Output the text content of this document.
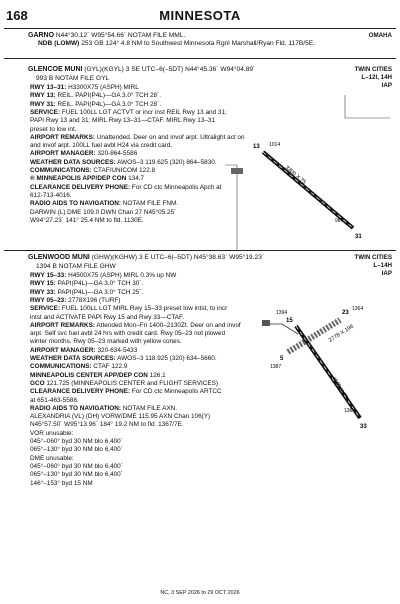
168	MINNESOTA
GARNO N44°30.12´ W95°54.66´ NOTAM FILE MML.	OMAHA
NDB (LOMW) 253 GB 124° 4.8 NM to Southwest Minnesota Rgnl Marshall/Ryan Fld. 117B/5E.
GLENCOE MUNI (GYL)(KGYL) 3 SE UTC–6(–5DT) N44°45.36´ W94°04.89´	TWIN CITIES
L–12I, 14H
IAP
993 B NOTAM FILE GYL
RWY 13–31: H3300X75 (ASPH) MIRL
RWY 13: REIL. PAPI(P4L)—GA 3.0° TCH 28´.
RWY 31: REIL. PAPI(P4L)—GA 3.0° TCH 28´.
SERVICE: FUEL 100LL LGT ACTVT or incr inst REIL Rwy 13 and 31;
PAPI Rwy 13 and 31; MIRL Rwy 13–31—CTAF. MIRL Rwy 13–31
preset to low int.
AIRPORT REMARKS: Unattended. Deer on and invof arpt. Ultralight act on
and invof arpt. 100LL fuel avbl H24 via credit card.
AIRPORT MANAGER: 320-864-5586
WEATHER DATA SOURCES: AWOS–3 119.625 (320) 864–5830.
COMMUNICATIONS: CTAF/UNICOM 122.8
® MINNEAPOLIS APP/DEP CON 134.7
CLEARANCE DELIVERY PHONE: For CD ctc Minneapolis Apch at
612-713-4016.
RADIO AIDS TO NAVIGATION: NOTAM FILE FNM.
DARWIN (L) DME 109.0 DWN Chan 27 N45°05.25´
W94°27.23´ 141° 25.4 NM to fld. 1130E.
3300 X 75
13
31
1014
987
GLENWOOD MUNI (GHW)(KGHW) 3 E UTC–6(–5DT) N45°38.63´ W95°19.23´	TWIN CITIES
L–14H
IAP
1394 B NOTAM FILE GHW
RWY 15–33: H4500X75 (ASPH) MIRL 0.3% up NW
RWY 15: PAPI(P4L)—GA 3.0° TCH 30´.
RWY 33: PAPI(P4L)—GA 3.0° TCH 25´.
RWY 05–23: 2778X196 (TURF)
SERVICE: FUEL 100LL LGT MIRL Rwy 15–33 preset low intst, to incr
intst and ACTIVATE PAPI Rwy 15 and Rwy 33—CTAF.
AIRPORT REMARKS: Attended Mon–Fri 1400–2130Zt. Deer on and invof
arpt. Self svc fuel avbl 24 hrs with credit card. Rwy 05–23 not plowed
winter months. Rwy 05–23 marked with yellow cones.
AIRPORT MANAGER: 320-634-5433
WEATHER DATA SOURCES: AWOS–3 118.925 (320) 634–5660.
COMMUNICATIONS: CTAF 122.9
MINNEAPOLIS CENTER APP/DEP CON 126.1
GCO 121.725 (MINNEAPOLIS CENTER and FLIGHT SERVICES)
CLEARANCE DELIVERY PHONE: For CD ctc Minneapolis ARTCC
at 651-463-5588.
RADIO AIDS TO NAVIGATION: NOTAM FILE AXN.
ALEXANDRIA (VL) (DH) VORW/DME 115.95 AXN Chan 106(Y)
N45°57.50´ W95°13.96´ 184° 19.2 NM to fld. 1367/7E.
VOR unusable:
045°–060° byd 30 NM blo 6,400´
065°–130° byd 30 NM blo 6,400´
DME unusable:
045°–060° byd 30 NM blo 6,400´
065°–130° byd 30 NM blo 6,400´
146°–153° byd 15 NM
2778 X 196
4500 X 75
15
33
23
5
1394
1364
1367
1387
NC, 3 SEP 2026 to 29 OCT 2026
